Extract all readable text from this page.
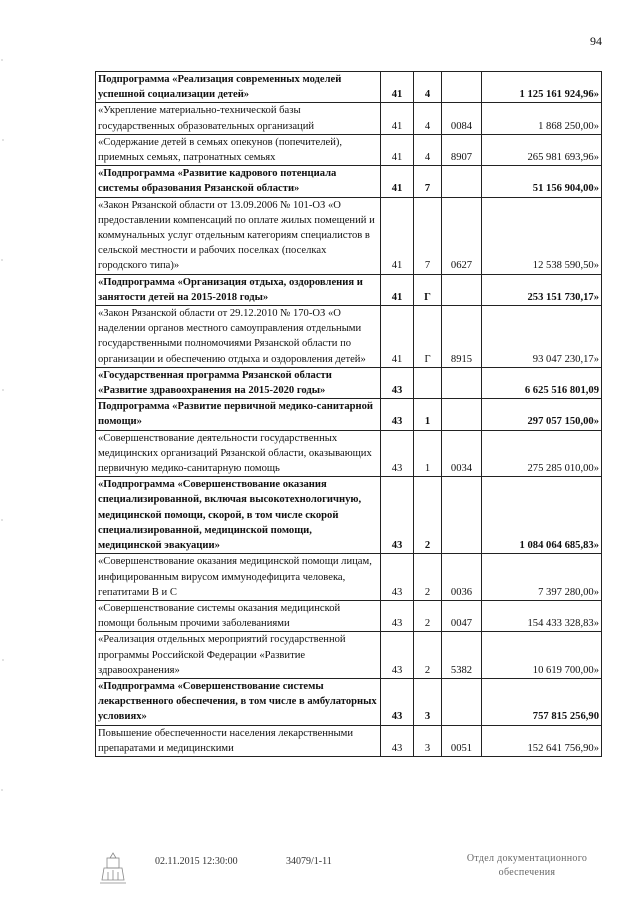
94
Подпрограмма «Реализация современных моделей успешной социализации детей»	41	4		1 125 161 924,96»
«Укрепление материально-технической базы государственных образовательных организаций	41	4	0084	1 868 250,00»
«Содержание детей в семьях опекунов (попечителей), приемных семьях, патронатных семьях	41	4	8907	265 981 693,96»
«Подпрограмма «Развитие кадрового потенциала системы образования Рязанской области»	41	7		51 156 904,00»
«Закон Рязанской области от 13.09.2006 № 101-ОЗ «О предоставлении компенсаций по оплате жилых помещений и коммунальных услуг отдельным категориям специалистов в сельской местности и рабочих поселках (поселках городского типа)»	41	7	0627	12 538 590,50»
«Подпрограмма «Организация отдыха, оздоровления и занятости детей на 2015-2018 годы»	41	Г		253 151 730,17»
«Закон Рязанской области от 29.12.2010 № 170-ОЗ «О наделении органов местного самоуправления отдельными государственными полномочиями Рязанской области по организации и обеспечению отдыха и оздоровления детей»	41	Г	8915	93 047 230,17»
«Государственная программа Рязанской области «Развитие здравоохранения на 2015-2020 годы»	43			6 625 516 801,09
Подпрограмма «Развитие первичной медико-санитарной помощи»	43	1		297 057 150,00»
«Совершенствование деятельности государственных медицинских организаций Рязанской области, оказывающих первичную медико-санитарную помощь	43	1	0034	275 285 010,00»
«Подпрограмма «Совершенствование оказания специализированной, включая высокотехнологичную, медицинской помощи, скорой, в том числе скорой специализированной, медицинской помощи, медицинской эвакуации»	43	2		1 084 064 685,83»
«Совершенствование оказания медицинской помощи лицам, инфицированным вирусом иммунодефицита человека, гепатитами В и С	43	2	0036	7 397 280,00»
«Совершенствование системы оказания медицинской помощи больным прочими заболеваниями	43	2	0047	154 433 328,83»
«Реализация отдельных мероприятий государственной программы Российской Федерации «Развитие здравоохранения»	43	2	5382	10 619 700,00»
«Подпрограмма «Совершенствование системы лекарственного обеспечения, в том числе в амбулаторных условиях»	43	3		757 815 256,90
Повышение обеспеченности населения лекарственными препаратами и медицинскими	43	3	0051	152 641 756,90»
02.11.2015 12:30:00	34079/1-11	Отдел документационного
обеспечения
